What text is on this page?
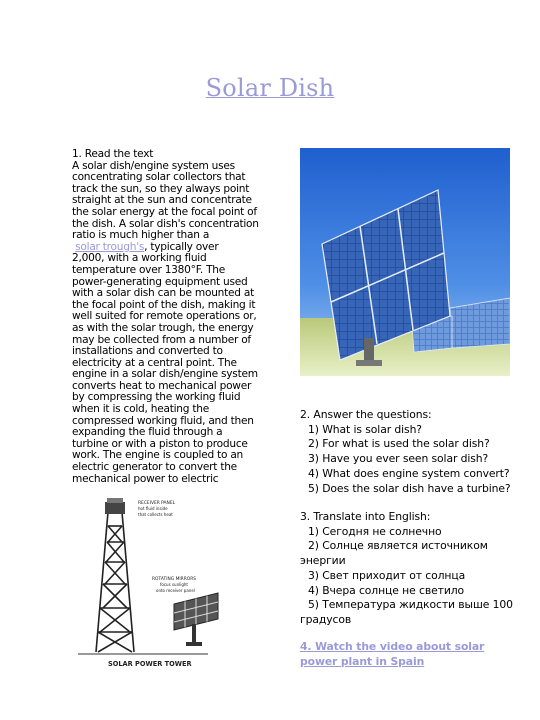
Solar Dish
1. Read the text
A solar dish/engine system uses
concentrating solar collectors that
track the sun, so they always point
straight at the sun and concentrate
the solar energy at the focal point of
the dish. A solar dish's concentration
ratio is much higher than a
solar trough's, typically over
2,000, with a working fluid
temperature over 1380°F. The
power-generating equipment used
with a solar dish can be mounted at
the focal point of the dish, making it
well suited for remote operations or,
as with the solar trough, the energy
may be collected from a number of
installations and converted to
electricity at a central point. The
engine in a solar dish/engine system
converts heat to mechanical power
by compressing the working fluid
when it is cold, heating the
compressed working fluid, and then
expanding the fluid through a
turbine or with a piston to produce
work. The engine is coupled to an
electric generator to convert the
mechanical power to electric
2. Answer the questions:
1) What is solar dish?
2) For what is used the solar dish?
3) Have you ever seen solar dish?
4) What does engine system convert?
5) Does the solar dish have a turbine?
3. Translate into English:
1) Сегодня не солнечно
2) Солнце является источником
энергии
3) Свет приходит от солнца
4) Вчера солнце не светило
5) Температура жидкости выше 100
градусов
4. Watch the video about solar
power plant in Spain
RECEIVER PANEL
hot fluid inside
that collects heat
ROTATING MIRRORS
focus sunlight
onto receiver panel
SOLAR POWER TOWER
